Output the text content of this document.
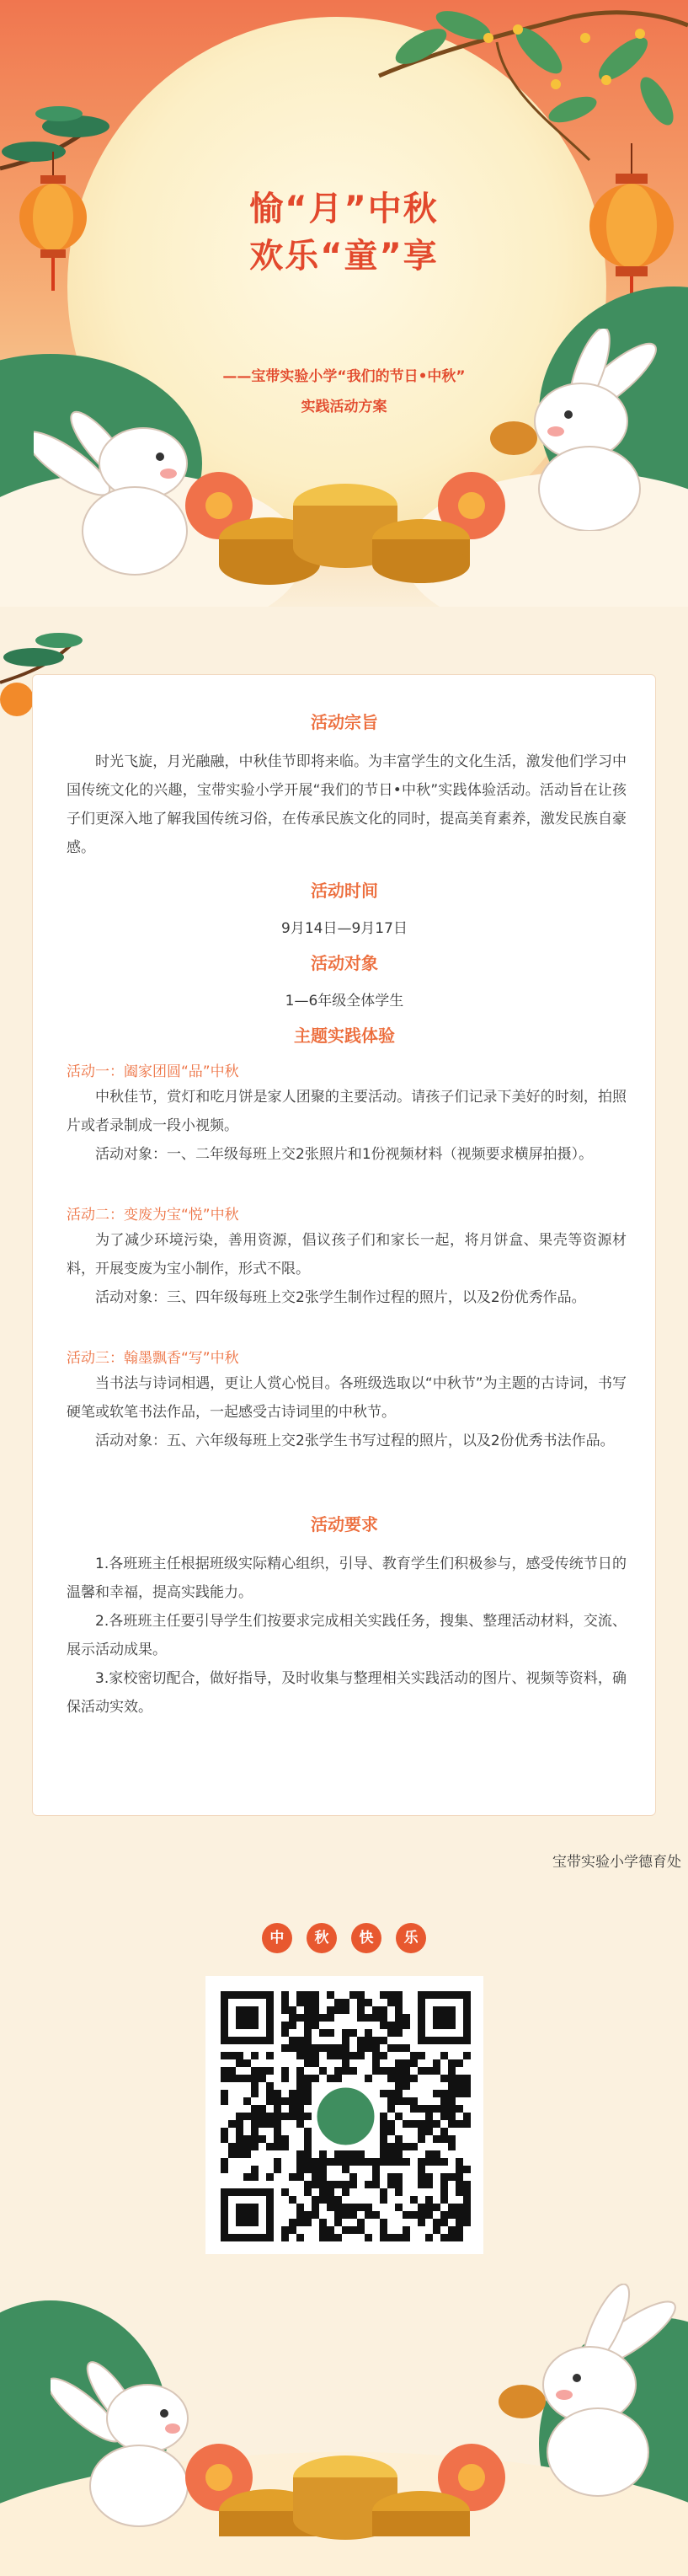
愉“月”中秋
欢乐“童”享
——宝带实验小学“我们的节日•中秋”
实践活动方案
活动宗旨

时光飞旋，月光融融，中秋佳节即将来临。为丰富学生的文化生活，激发他们学习中国传统文化的兴趣，宝带实验小学开展“我们的节日•中秋”实践体验活动。活动旨在让孩子们更深入地了解我国传统习俗，在传承民族文化的同时，提高美育素养，激发民族自豪感。

活动时间
9月14日—9月17日
活动对象
1—6年级全体学生
主题实践体验
活动一：阖家团圆“品”中秋

中秋佳节，赏灯和吃月饼是家人团聚的主要活动。请孩子们记录下美好的时刻，拍照片或者录制成一段小视频。

活动对象：一、二年级每班上交2张照片和1份视频材料（视频要求横屏拍摄）。

活动二：变废为宝“悦”中秋

为了减少环境污染，善用资源，倡议孩子们和家长一起，将月饼盒、果壳等资源材料，开展变废为宝小制作，形式不限。

活动对象：三、四年级每班上交2张学生制作过程的照片，以及2份优秀作品。

活动三：翰墨飘香“写”中秋

当书法与诗词相遇，更让人赏心悦目。各班级选取以“中秋节”为主题的古诗词，书写硬笔或软笔书法作品，一起感受古诗词里的中秋节。

活动对象：五、六年级每班上交2张学生书写过程的照片，以及2份优秀书法作品。

活动要求

1.各班班主任根据班级实际精心组织，引导、教育学生们积极参与，感受传统节日的温馨和幸福，提高实践能力。

2.各班班主任要引导学生们按要求完成相关实践任务，搜集、整理活动材料，交流、展示活动成果。

3.家校密切配合，做好指导，及时收集与整理相关实践活动的图片、视频等资料，确保活动实效。

宝带实验小学德育处
中 秋 快 乐
